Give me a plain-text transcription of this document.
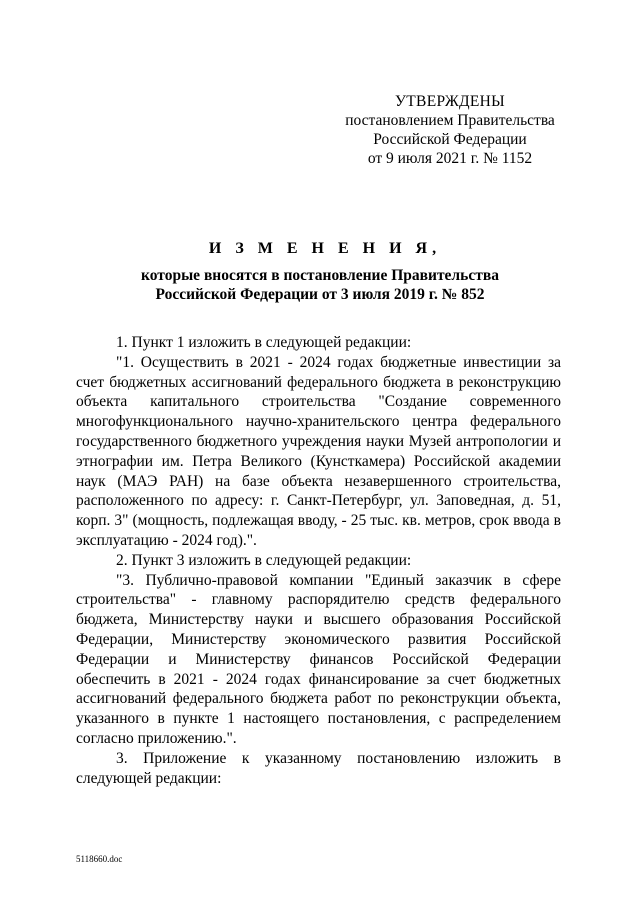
УТВЕРЖДЕНЫ
постановлением Правительства
Российской Федерации
от 9 июля 2021 г. № 1152
И З М Е Н Е Н И Я,
которые вносятся в постановление Правительства
Российской Федерации от 3 июля 2019 г. № 852

1. Пункт 1 изложить в следующей редакции:

"1. Осуществить в 2021 - 2024 годах бюджетные инвестиции за счет бюджетных ассигнований федерального бюджета в реконструкцию объекта капитального строительства "Создание современного многофункционального научно-хранительского центра федерального государственного бюджетного учреждения науки Музей антропологии и этнографии им. Петра Великого (Кунсткамера) Российской академии наук (МАЭ РАН) на базе объекта незавершенного строительства, расположенного по адресу: г. Санкт-Петербург, ул. Заповедная, д. 51, корп. 3" (мощность, подлежащая вводу, - 25 тыс. кв. метров, срок ввода в эксплуатацию - 2024 год).".

2. Пункт 3 изложить в следующей редакции:

"3. Публично-правовой компании "Единый заказчик в сфере строительства" - главному распорядителю средств федерального бюджета, Министерству науки и высшего образования Российской Федерации, Министерству экономического развития Российской Федерации и Министерству финансов Российской Федерации обеспечить в 2021 - 2024 годах финансирование за счет бюджетных ассигнований федерального бюджета работ по реконструкции объекта, указанного в пункте 1 настоящего постановления, с распределением согласно приложению.".

3. Приложение к указанному постановлению изложить в следующей редакции:

5118660.doc
